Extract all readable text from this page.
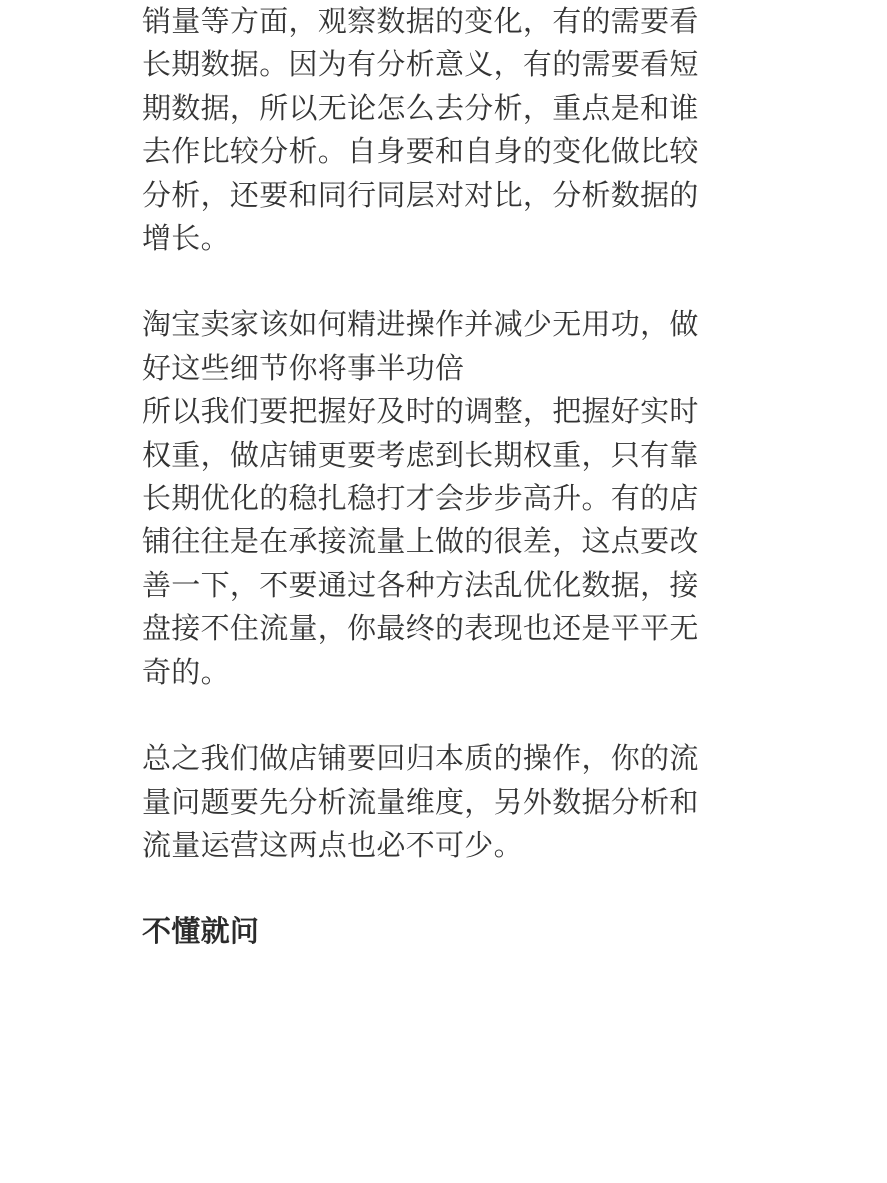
销量等方面，观察数据的变化，有的需要看
长期数据。因为有分析意义，有的需要看短
期数据，所以无论怎么去分析，重点是和谁
去作比较分析。自身要和自身的变化做比较
分析，还要和同行同层对对比，分析数据的
增长。

淘宝卖家该如何精进操作并减少无用功，做
好这些细节你将事半功倍

所以我们要把握好及时的调整，把握好实时
权重，做店铺更要考虑到长期权重，只有靠
长期优化的稳扎稳打才会步步高升。有的店
铺往往是在承接流量上做的很差，这点要改
善一下，不要通过各种方法乱优化数据，接
盘接不住流量，你最终的表现也还是平平无
奇的。

总之我们做店铺要回归本质的操作，你的流
量问题要先分析流量维度，另外数据分析和
流量运营这两点也必不可少。

不懂就问
